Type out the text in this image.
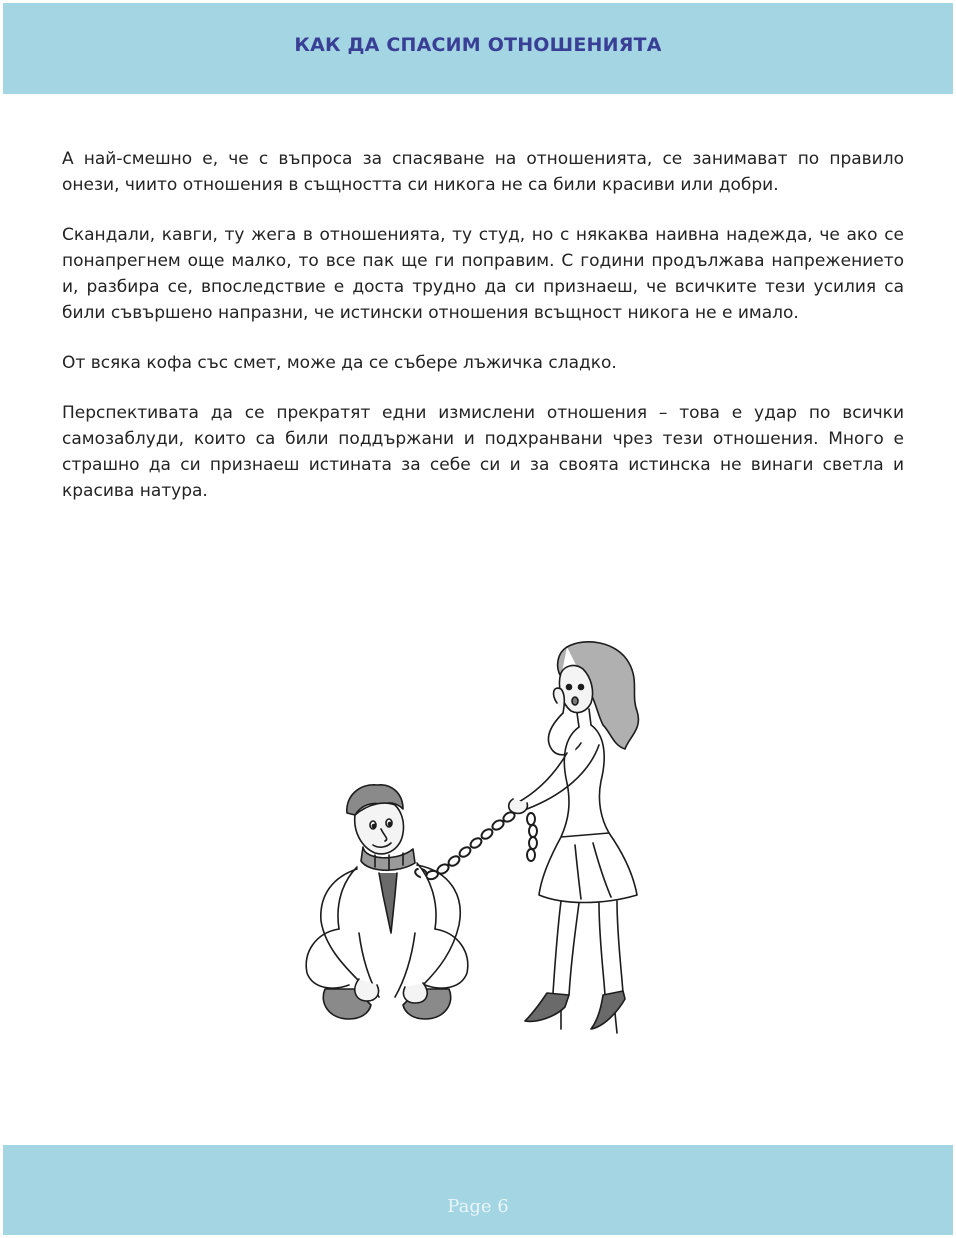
КАК ДА СПАСИМ ОТНОШЕНИЯТА

А най-смешно е, че с въпроса за спасяване на отношенията, се занимават по правило онези, чиито отношения в същността си никога не са били красиви или добри.

Скандали, кавги, ту жега в отношенията, ту студ, но с някаква наивна надежда, че ако се понапрегнем още малко, то все пак ще ги поправим. С години продължава напрежението и, разбира се, впоследствие е доста трудно да си признаеш, че всичките тези усилия са били съвършено напразни, че истински отношения всъщност никога не е имало.

От всяка кофа със смет, може да се събере лъжичка сладко.

Перспективата да се прекратят едни измислени отношения – това е удар по всички самозаблуди, които са били поддържани и подхранвани чрез тези отношения. Много е страшно да си признаеш истината за себе си и за своята истинска не винаги светла и красива натура.

Page 6
